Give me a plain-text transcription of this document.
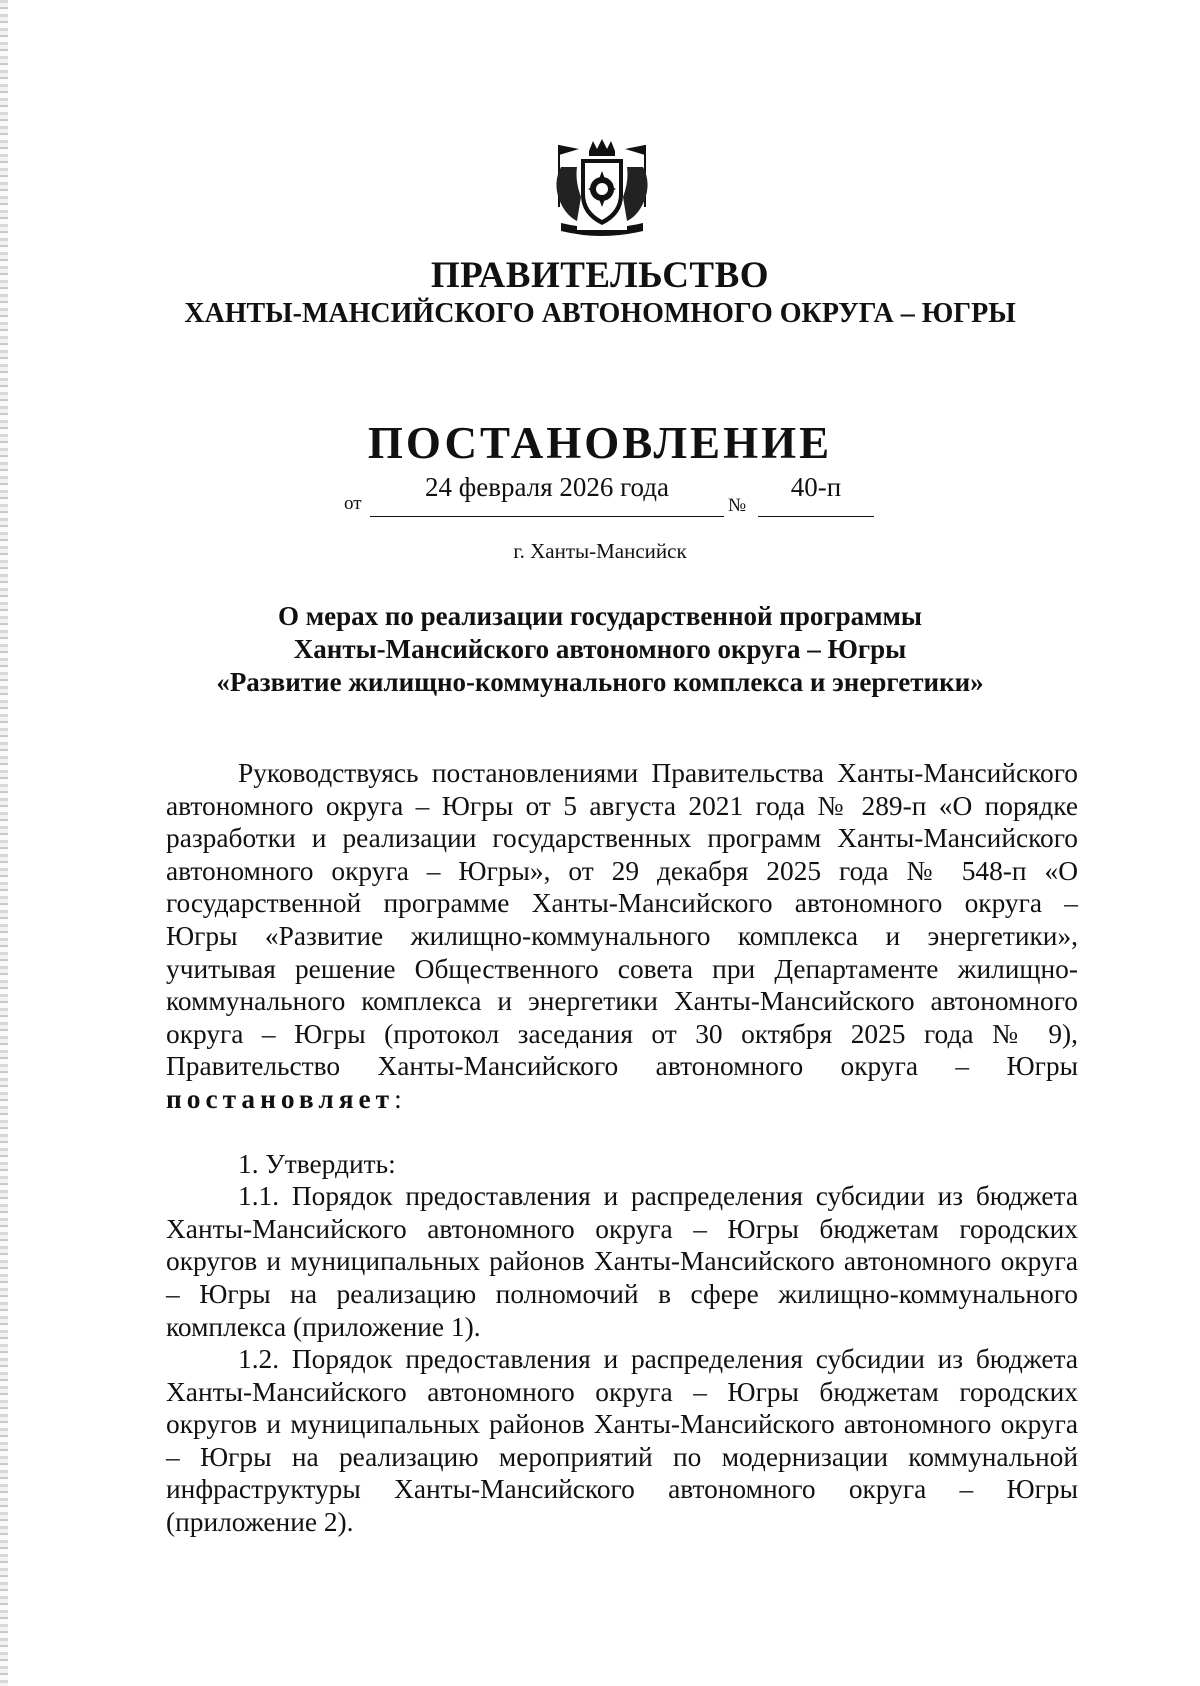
ПРАВИТЕЛЬСТВО
ХАНТЫ-МАНСИЙСКОГО АВТОНОМНОГО ОКРУГА – ЮГРЫ
ПОСТАНОВЛЕНИЕ
от
24 февраля 2026 года
№
40-п
г. Ханты-Мансийск
О мерах по реализации государственной программы
Ханты-Мансийского автономного округа – Югры
«Развитие жилищно-коммунального комплекса и энергетики»

Руководствуясь постановлениями Правительства Ханты-Мансийского автономного округа – Югры от 5 августа 2021 года № 289-п «О порядке разработки и реализации государственных программ Ханты-Мансийского автономного округа – Югры», от 29 декабря 2025 года № 548-п «О государственной программе Ханты-Мансийского автономного округа – Югры «Развитие жилищно-коммунального комплекса и энергетики», учитывая решение Общественного совета при Департаменте жилищно-коммунального комплекса и энергетики Ханты-Мансийского автономного округа – Югры (протокол заседания от 30 октября 2025 года № 9), Правительство Ханты-Мансийского автономного округа – Югры постановляет:

1. Утвердить:

1.1. Порядок предоставления и распределения субсидии из бюджета Ханты-Мансийского автономного округа – Югры бюджетам городских округов и муниципальных районов Ханты-Мансийского автономного округа – Югры на реализацию полномочий в сфере жилищно-коммунального комплекса (приложение 1).

1.2. Порядок предоставления и распределения субсидии из бюджета Ханты-Мансийского автономного округа – Югры бюджетам городских округов и муниципальных районов Ханты-Мансийского автономного округа – Югры на реализацию мероприятий по модернизации коммунальной инфраструктуры Ханты-Мансийского автономного округа – Югры (приложение 2).
